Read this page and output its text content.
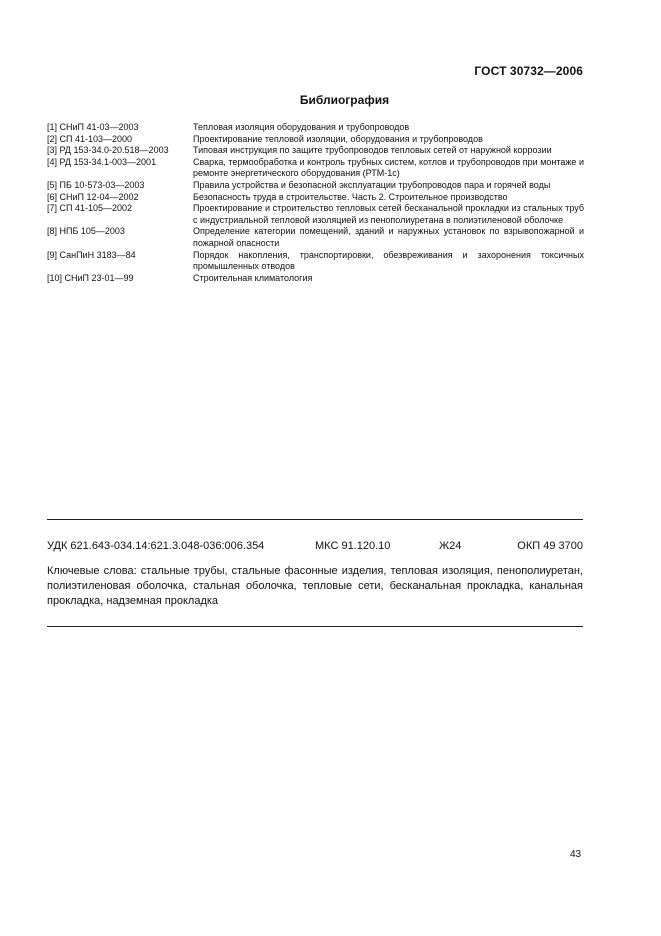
ГОСТ 30732—2006
Библиография
[1] СНиП 41-03—2003	Тепловая изоляция оборудования и трубопроводов
[2] СП 41-103—2000	Проектирование тепловой изоляции, оборудования и трубопроводов
[3] РД 153-34.0-20.518—2003	Типовая инструкция по защите трубопроводов тепловых сетей от наружной коррозии
[4] РД 153-34.1-003—2001	Сварка, термообработка и контроль трубных систем, котлов и трубопроводов при монтаже и ремонте энергетического оборудования (РТМ-1с)
[5] ПБ 10-573-03—2003	Правила устройства и безопасной эксплуатации трубопроводов пара и горячей воды
[6] СНиП 12-04—2002	Безопасность труда в строительстве. Часть 2. Строительное производство
[7] СП 41-105—2002	Проектирование и строительство тепловых сетей бесканальной прокладки из стальных труб с индустриальной тепловой изоляцией из пенополиуретана в полиэтиленовой оболочке
[8] НПБ 105—2003	Определение категории помещений, зданий и наружных установок по взрывопожарной и пожарной опасности
[9] СанПиН 3183—84	Порядок накопления, транспортировки, обезвреживания и захоронения токсичных промышленных отводов
[10] СНиП 23-01—99	Строительная климатология
УДК 621.643-034.14:621.3.048-036:006.354	МКС 91.120.10	Ж24	ОКП 49 3700
Ключевые слова: стальные трубы, стальные фасонные изделия, тепловая изоляция, пенополиуретан, полиэтиленовая оболочка, стальная оболочка, тепловые сети, бесканальная прокладка, канальная прокладка, надземная прокладка
43
